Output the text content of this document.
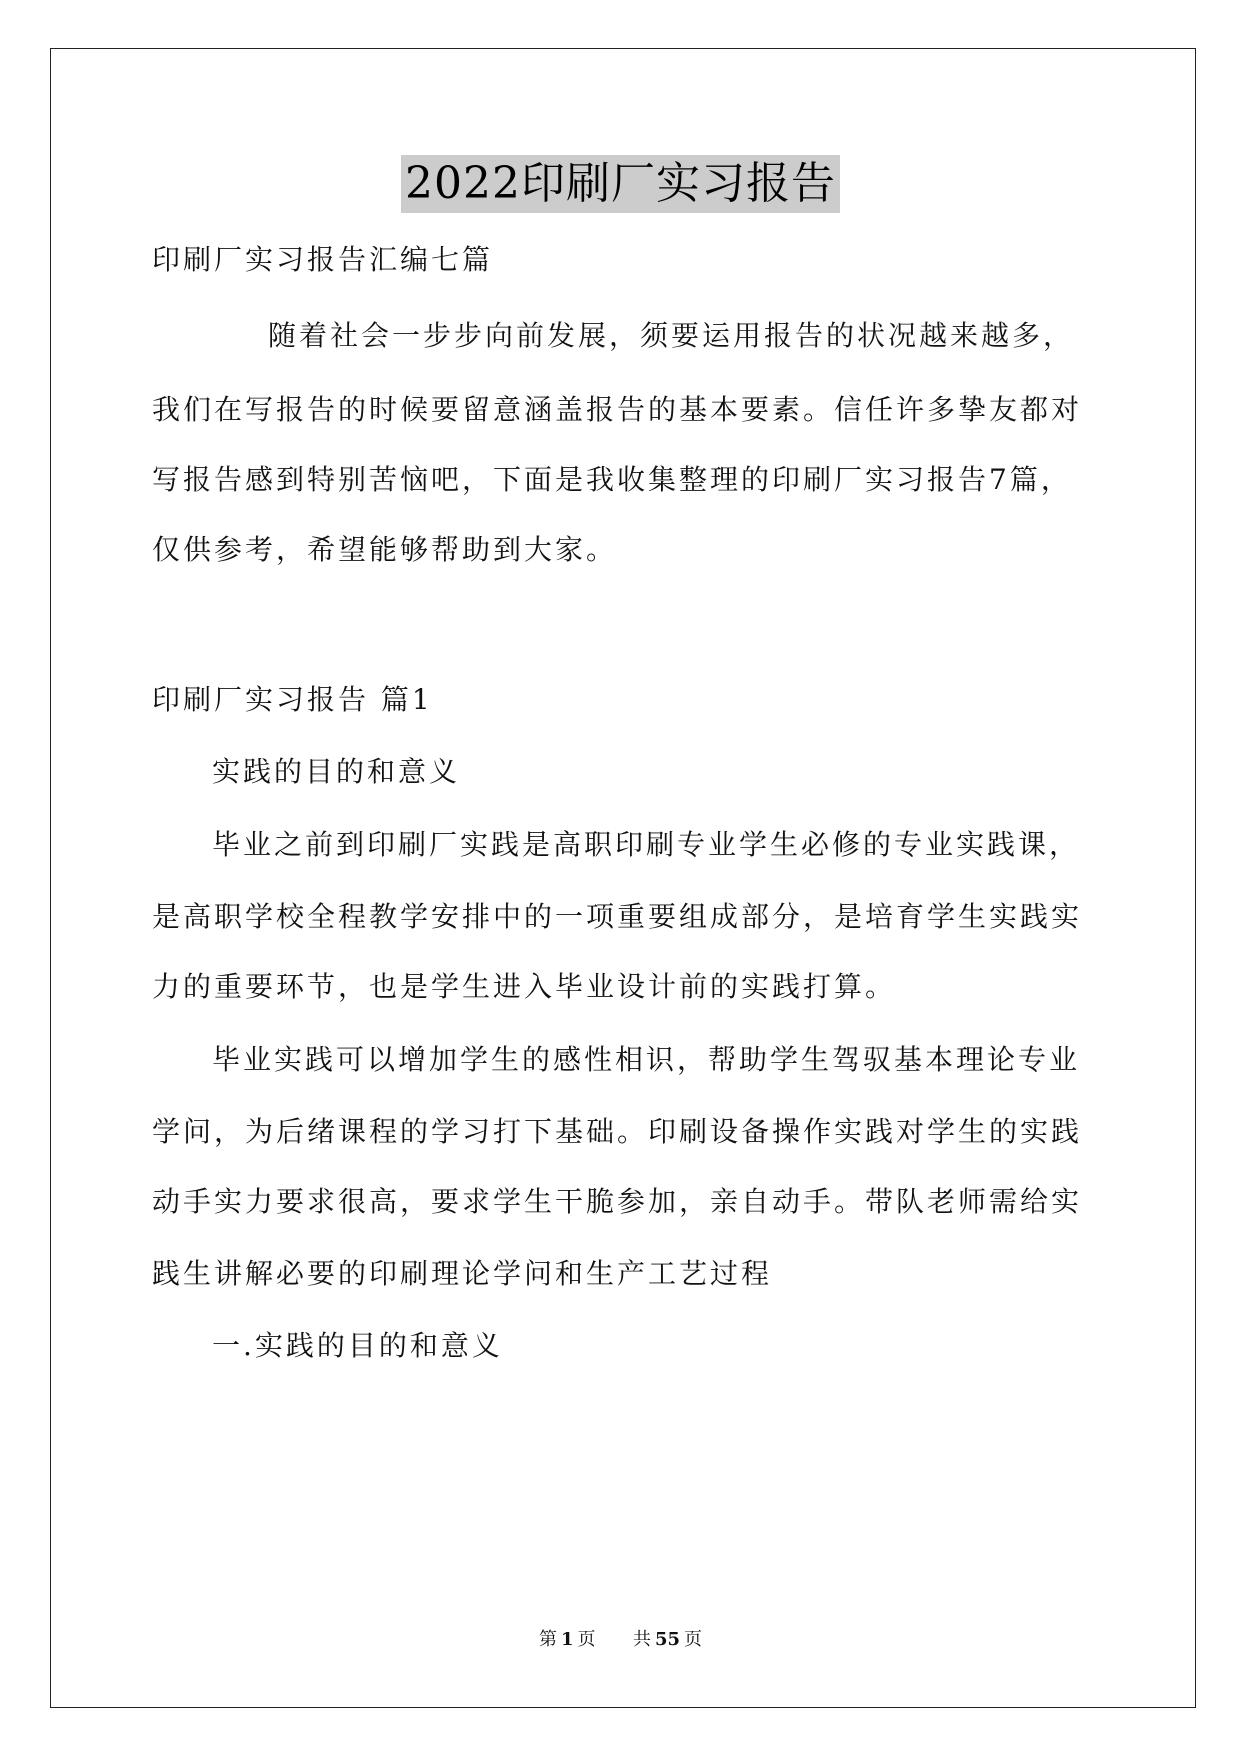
2022印刷厂实习报告
印刷厂实习报告汇编七篇
随着社会一步步向前发展，须要运用报告的状况越来越多，
我们在写报告的时候要留意涵盖报告的基本要素。信任许多挚友都对
写报告感到特别苦恼吧，下面是我收集整理的印刷厂实习报告7篇，
仅供参考，希望能够帮助到大家。
印刷厂实习报告 篇1
实践的目的和意义
毕业之前到印刷厂实践是高职印刷专业学生必修的专业实践课，
是高职学校全程教学安排中的一项重要组成部分，是培育学生实践实
力的重要环节，也是学生进入毕业设计前的实践打算。
毕业实践可以增加学生的感性相识，帮助学生驾驭基本理论专业
学问，为后绪课程的学习打下基础。印刷设备操作实践对学生的实践
动手实力要求很高，要求学生干脆参加，亲自动手。带队老师需给实
践生讲解必要的印刷理论学问和生产工艺过程
一.实践的目的和意义
第 1 页 共 55 页
